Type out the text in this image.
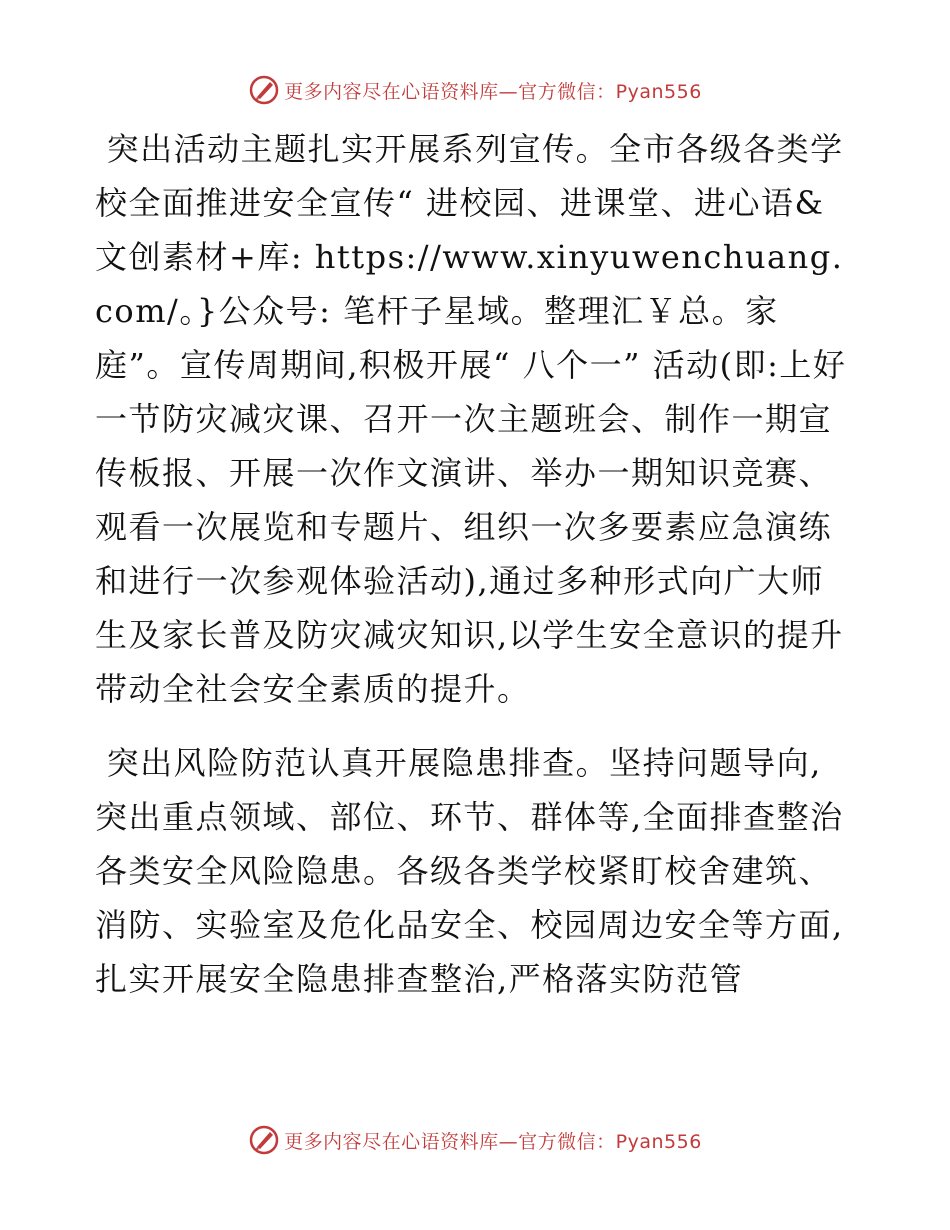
更多内容尽在心语资料库—官方微信：Pyan556

突出活动主题扎实开展系列宣传。全市各级各类学校全面推进安全宣传“ 进校园、进课堂、进心语&文创素材+库: https://www.xinyuwenchuang.com/。}公众号: 笔杆子星域。整理汇￥总。家庭”。宣传周期间,积极开展“ 八个一” 活动(即:上好一节防灾减灾课、召开一次主题班会、制作一期宣传板报、开展一次作文演讲、举办一期知识竞赛、观看一次展览和专题片、组织一次多要素应急演练和进行一次参观体验活动),通过多种形式向广大师生及家长普及防灾减灾知识,以学生安全意识的提升带动全社会安全素质的提升。

突出风险防范认真开展隐患排查。坚持问题导向,突出重点领域、部位、环节、群体等,全面排查整治各类安全风险隐患。各级各类学校紧盯校舍建筑、消防、实验室及危化品安全、校园周边安全等方面,扎实开展安全隐患排查整治,严格落实防范管

更多内容尽在心语资料库—官方微信：Pyan556
